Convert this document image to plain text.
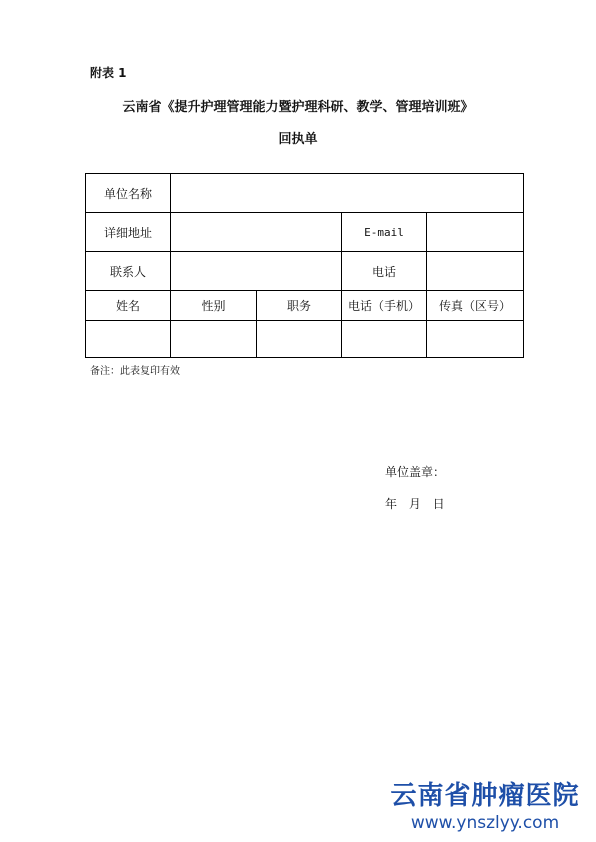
附表 1
云南省《提升护理管理能力暨护理科研、教学、管理培训班》
回执单
单位名称				
详细地址			E-mail	
联系人			电话	
姓名	性别	职务	电话（手机）	传真（区号）

备注：此表复印有效
单位盖章：
年 月 日
云南省肿瘤医院
www.ynszlyy.com
